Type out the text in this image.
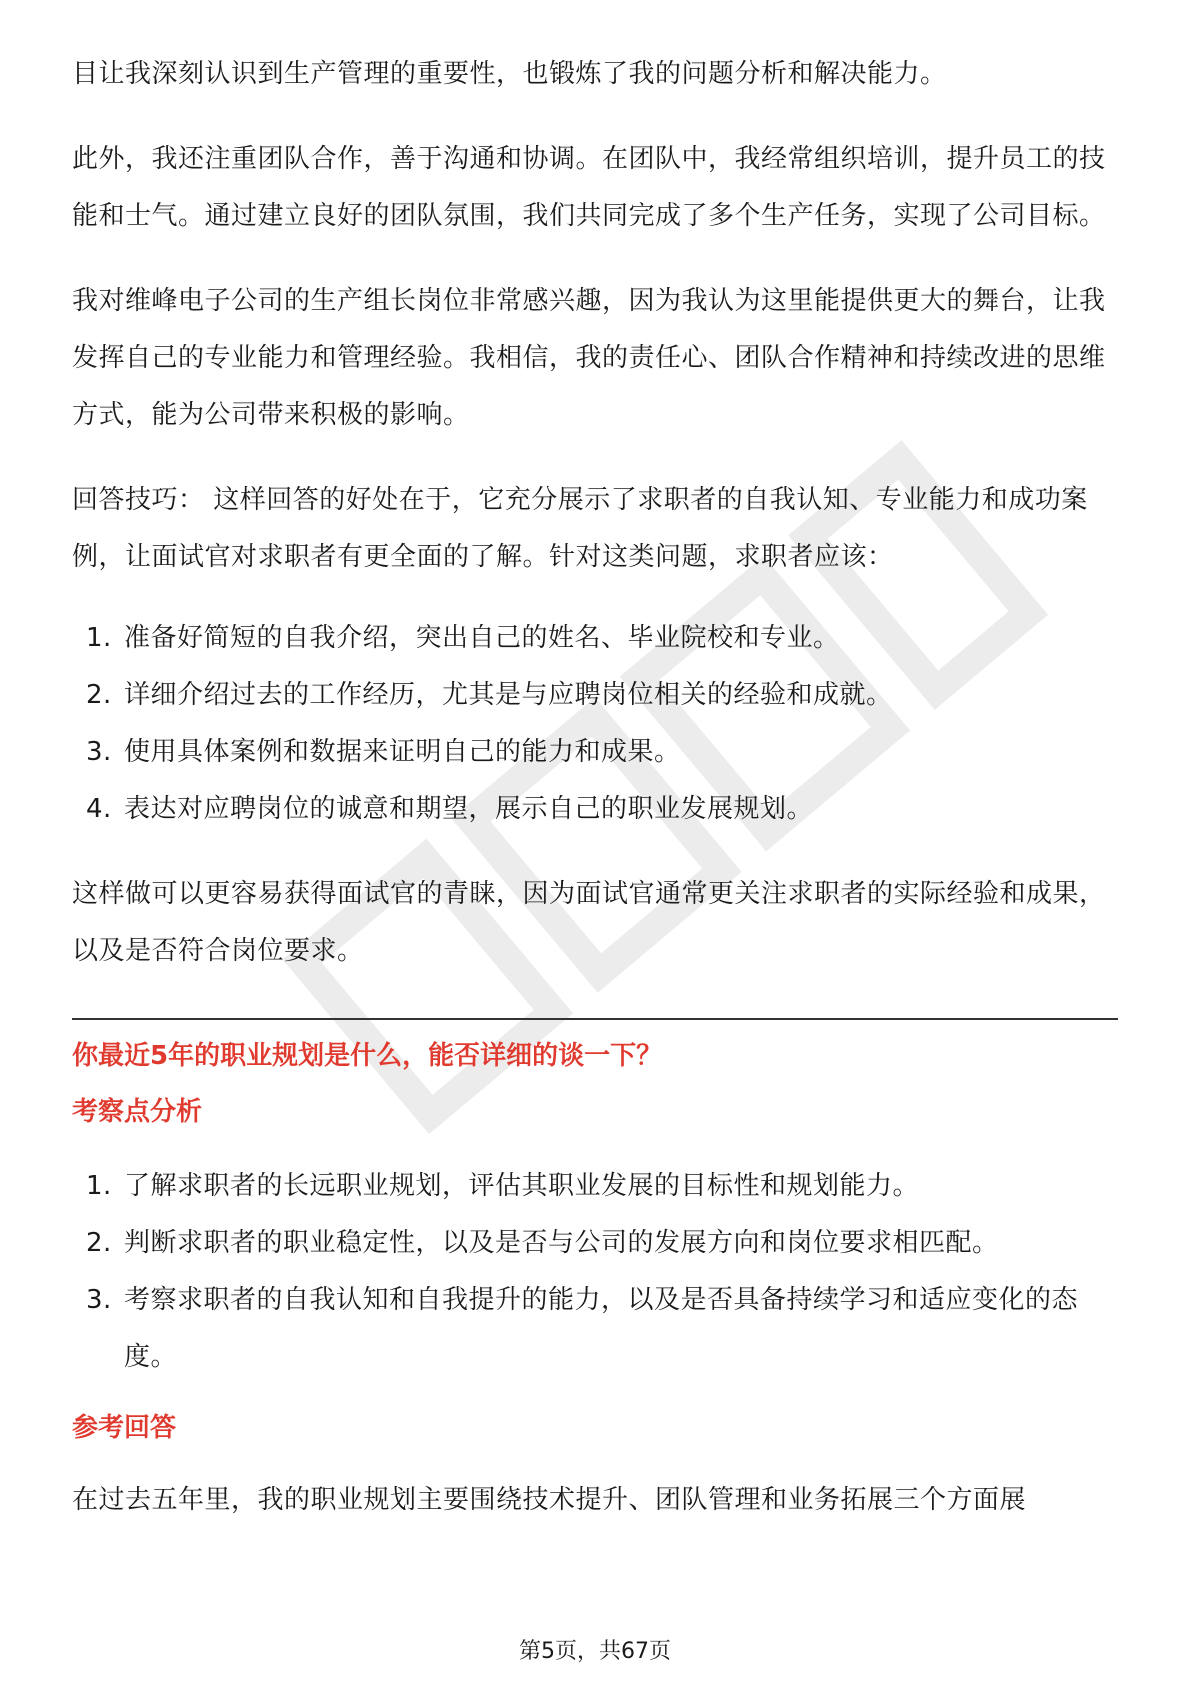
目让我深刻认识到生产管理的重要性，也锻炼了我的问题分析和解决能力。

此外，我还注重团队合作，善于沟通和协调。在团队中，我经常组织培训，提升员工的技能和士气。通过建立良好的团队氛围，我们共同完成了多个生产任务，实现了公司目标。

我对维峰电子公司的生产组长岗位非常感兴趣，因为我认为这里能提供更大的舞台，让我发挥自己的专业能力和管理经验。我相信，我的责任心、团队合作精神和持续改进的思维方式，能为公司带来积极的影响。

回答技巧： 这样回答的好处在于，它充分展示了求职者的自我认知、专业能力和成功案例，让面试官对求职者有更全面的了解。针对这类问题，求职者应该：

1. 准备好简短的自我介绍，突出自己的姓名、毕业院校和专业。
2. 详细介绍过去的工作经历，尤其是与应聘岗位相关的经验和成就。
3. 使用具体案例和数据来证明自己的能力和成果。
4. 表达对应聘岗位的诚意和期望，展示自己的职业发展规划。

这样做可以更容易获得面试官的青睐，因为面试官通常更关注求职者的实际经验和成果，以及是否符合岗位要求。

你最近5年的职业规划是什么，能否详细的谈一下？
考察点分析
1. 了解求职者的长远职业规划，评估其职业发展的目标性和规划能力。
2. 判断求职者的职业稳定性，以及是否与公司的发展方向和岗位要求相匹配。
3. 考察求职者的自我认知和自我提升的能力，以及是否具备持续学习和适应变化的态度。
参考回答

在过去五年里，我的职业规划主要围绕技术提升、团队管理和业务拓展三个方面展

第5页，共67页
